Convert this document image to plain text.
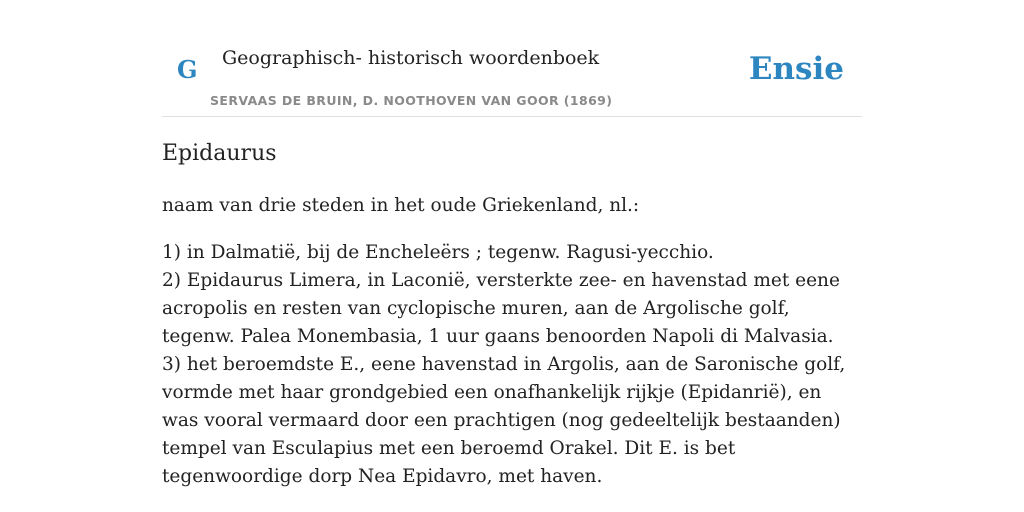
G Geographisch- historisch woordenboek
SERVAAS DE BRUIN, D. NOOTHOVEN VAN GOOR (1869)
Ensie
Epidaurus

naam van drie steden in het oude Griekenland, nl.:

1) in Dalmatië, bij de Encheleërs ; tegenw. Ragusi-yecchio.

2) Epidaurus Limera, in Laconië, versterkte zee- en havenstad met eene acropolis en resten van cyclopische muren, aan de Argolische golf, tegenw. Palea Monembasia, 1 uur gaans benoorden Napoli di Malvasia.

3) het beroemdste E., eene havenstad in Argolis, aan de Saronische golf, vormde met haar grondgebied een onafhankelijk rijkje (Epidanrië), en was vooral vermaard door een prachtigen (nog gedeeltelijk bestaanden) tempel van Esculapius met een beroemd Orakel. Dit E. is bet tegenwoordige dorp Nea Epidavro, met haven.
